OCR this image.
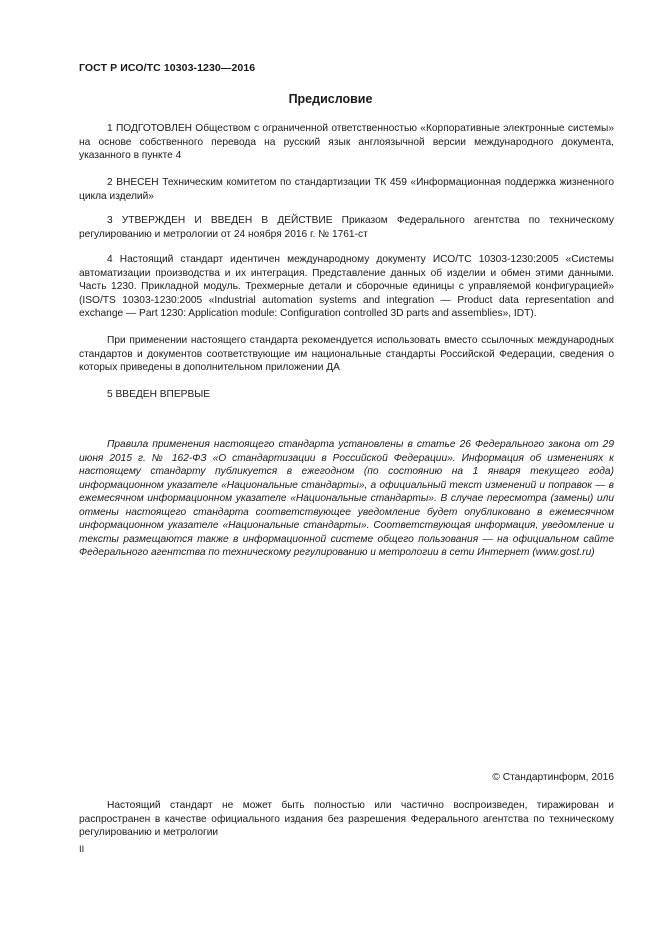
ГОСТ Р ИСО/ТС 10303-1230—2016
Предисловие

1 ПОДГОТОВЛЕН Обществом с ограниченной ответственностью «Корпоративные электронные системы» на основе собственного перевода на русский язык англоязычной версии международного документа, указанного в пункте 4

2 ВНЕСЕН Техническим комитетом по стандартизации ТК 459 «Информационная поддержка жизненного цикла изделий»

3 УТВЕРЖДЕН И ВВЕДЕН В ДЕЙСТВИЕ Приказом Федерального агентства по техническому регулированию и метрологии от 24 ноября 2016 г. № 1761-ст

4 Настоящий стандарт идентичен международному документу ИСО/ТС 10303-1230:2005 «Системы автоматизации производства и их интеграция. Представление данных об изделии и обмен этими данными. Часть 1230. Прикладной модуль. Трехмерные детали и сборочные единицы с управляемой конфигурацией» (ISO/TS 10303-1230:2005 «Industrial automation systems and integration — Product data representation and exchange — Part 1230: Application module: Configuration controlled 3D parts and assemblies», IDT).

При применении настоящего стандарта рекомендуется использовать вместо ссылочных международных стандартов и документов соответствующие им национальные стандарты Российской Федерации, сведения о которых приведены в дополнительном приложении ДА

5 ВВЕДЕН ВПЕРВЫЕ

Правила применения настоящего стандарта установлены в статье 26 Федерального закона от 29 июня 2015 г. № 162-ФЗ «О стандартизации в Российской Федерации». Информация об изменениях к настоящему стандарту публикуется в ежегодном (по состоянию на 1 января текущего года) информационном указателе «Национальные стандарты», а официальный текст изменений и поправок — в ежемесячном информационном указателе «Национальные стандарты». В случае пересмотра (замены) или отмены настоящего стандарта соответствующее уведомление будет опубликовано в ежемесячном информационном указателе «Национальные стандарты». Соответствующая информация, уведомление и тексты размещаются также в информационной системе общего пользования — на официальном сайте Федерального агентства по техническому регулированию и метрологии в сети Интернет (www.gost.ru)

© Стандартинформ, 2016

Настоящий стандарт не может быть полностью или частично воспроизведен, тиражирован и распространен в качестве официального издания без разрешения Федерального агентства по техническому регулированию и метрологии

II
